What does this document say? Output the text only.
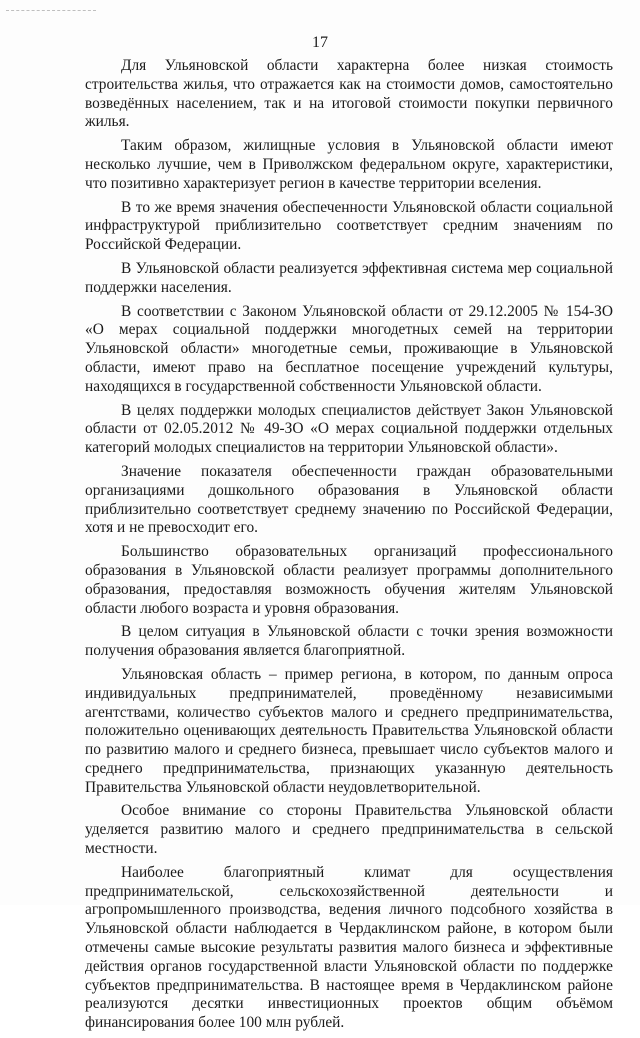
17

Для Ульяновской области характерна более низкая стоимость строительства жилья, что отражается как на стоимости домов, самостоятельно возведённых населением, так и на итоговой стоимости покупки первичного жилья.

Таким образом, жилищные условия в Ульяновской области имеют несколько лучшие, чем в Приволжском федеральном округе, характеристики, что позитивно характеризует регион в качестве территории вселения.

В то же время значения обеспеченности Ульяновской области социальной инфраструктурой приблизительно соответствует средним значениям по Российской Федерации.

В Ульяновской области реализуется эффективная система мер социальной поддержки населения.

В соответствии с Законом Ульяновской области от 29.12.2005 № 154-ЗО «О мерах социальной поддержки многодетных семей на территории Ульяновской области» многодетные семьи, проживающие в Ульяновской области, имеют право на бесплатное посещение учреждений культуры, находящихся в государственной собственности Ульяновской области.

В целях поддержки молодых специалистов действует Закон Ульяновской области от 02.05.2012 № 49-ЗО «О мерах социальной поддержки отдельных категорий молодых специалистов на территории Ульяновской области».

Значение показателя обеспеченности граждан образовательными организациями дошкольного образования в Ульяновской области приблизительно соответствует среднему значению по Российской Федерации, хотя и не превосходит его.

Большинство образовательных организаций профессионального образования в Ульяновской области реализует программы дополнительного образования, предоставляя возможность обучения жителям Ульяновской области любого возраста и уровня образования.

В целом ситуация в Ульяновской области с точки зрения возможности получения образования является благоприятной.

Ульяновская область – пример региона, в котором, по данным опроса индивидуальных предпринимателей, проведённому независимыми агентствами, количество субъектов малого и среднего предпринимательства, положительно оценивающих деятельность Правительства Ульяновской области по развитию малого и среднего бизнеса, превышает число субъектов малого и среднего предпринимательства, признающих указанную деятельность Правительства Ульяновской области неудовлетворительной.

Особое внимание со стороны Правительства Ульяновской области уделяется развитию малого и среднего предпринимательства в сельской местности.

Наиболее благоприятный климат для осуществления предпринимательской, сельскохозяйственной деятельности и агропромышленного производства, ведения личного подсобного хозяйства в Ульяновской области наблюдается в Чердаклинском районе, в котором были отмечены самые высокие результаты развития малого бизнеса и эффективные действия органов государственной власти Ульяновской области по поддержке субъектов предпринимательства. В настоящее время в Чердаклинском районе реализуются десятки инвестиционных проектов общим объёмом финансирования более 100 млн рублей.
